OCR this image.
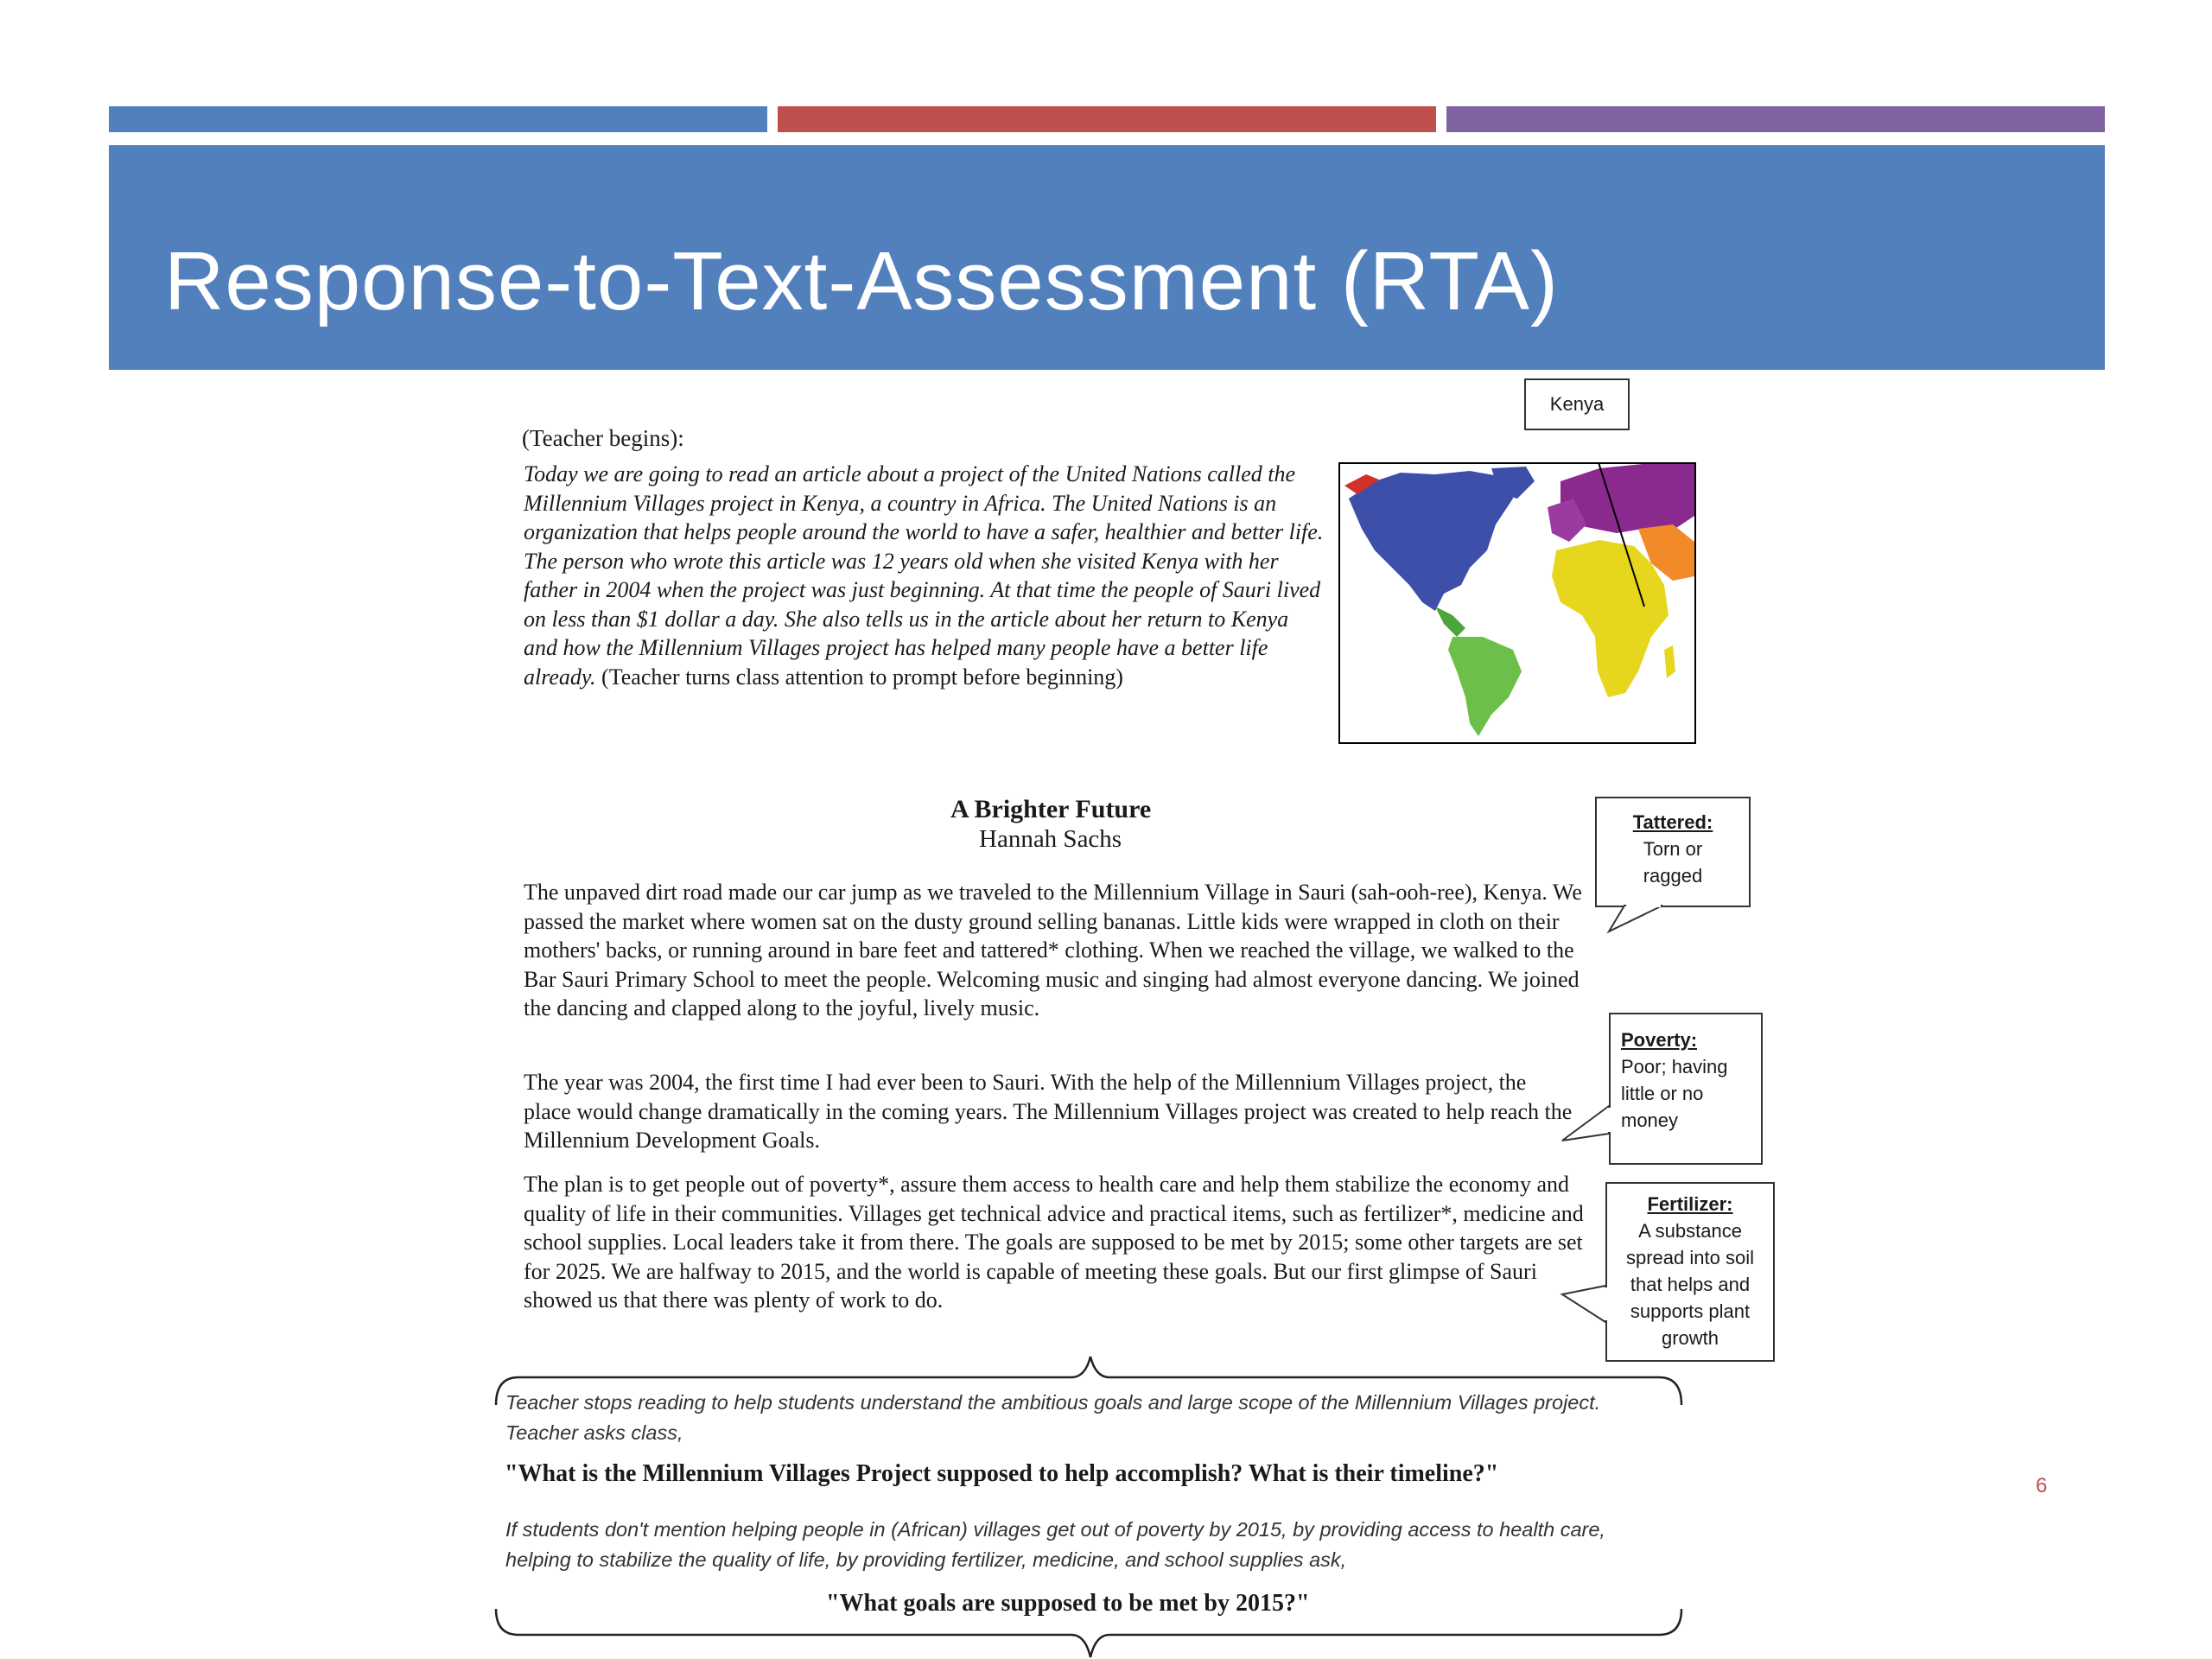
Response-to-Text-Assessment (RTA)
(Teacher begins):

Today we are going to read an article about a project of the United Nations called the Millennium Villages project in Kenya, a country in Africa. The United Nations is an organization that helps people around the world to have a safer, healthier and better life.

The person who wrote this article was 12 years old when she visited Kenya with her father in 2004 when the project was just beginning. At that time the people of Sauri lived on less than $1 dollar a day. She also tells us in the article about her return to Kenya and how the Millennium Villages project has helped many people have a better life already. (Teacher turns class attention to prompt before beginning)

Kenya
A Brighter Future
Hannah Sachs
The unpaved dirt road made our car jump as we traveled to the Millennium Village in Sauri (sah-ooh-ree), Kenya. We passed the market where women sat on the dusty ground selling bananas. Little kids were wrapped in cloth on their mothers' backs, or running around in bare feet and tattered* clothing. When we reached the village, we walked to the Bar Sauri Primary School to meet the people. Welcoming music and singing had almost everyone dancing. We joined the dancing and clapped along to the joyful, lively music.
The year was 2004, the first time I had ever been to Sauri. With the help of the Millennium Villages project, the place would change dramatically in the coming years. The Millennium Villages project was created to help reach the Millennium Development Goals.
The plan is to get people out of poverty*, assure them access to health care and help them stabilize the economy and quality of life in their communities. Villages get technical advice and practical items, such as fertilizer*, medicine and school supplies. Local leaders take it from there. The goals are supposed to be met by 2015; some other targets are set for 2025. We are halfway to 2015, and the world is capable of meeting these goals. But our first glimpse of Sauri showed us that there was plenty of work to do.
Tattered:
Torn or ragged
Poverty:
Poor; having little or no money
Fertilizer:
A substance spread into soil that helps and supports plant growth
Teacher stops reading to help students understand the ambitious goals and large scope of the Millennium Villages project. Teacher asks class,
"What is the Millennium Villages Project supposed to help accomplish? What is their timeline?"
If students don't mention helping people in (African) villages get out of poverty by 2015, by providing access to health care, helping to stabilize the quality of life, by providing fertilizer, medicine, and school supplies ask,
"What goals are supposed to be met by 2015?"
6
